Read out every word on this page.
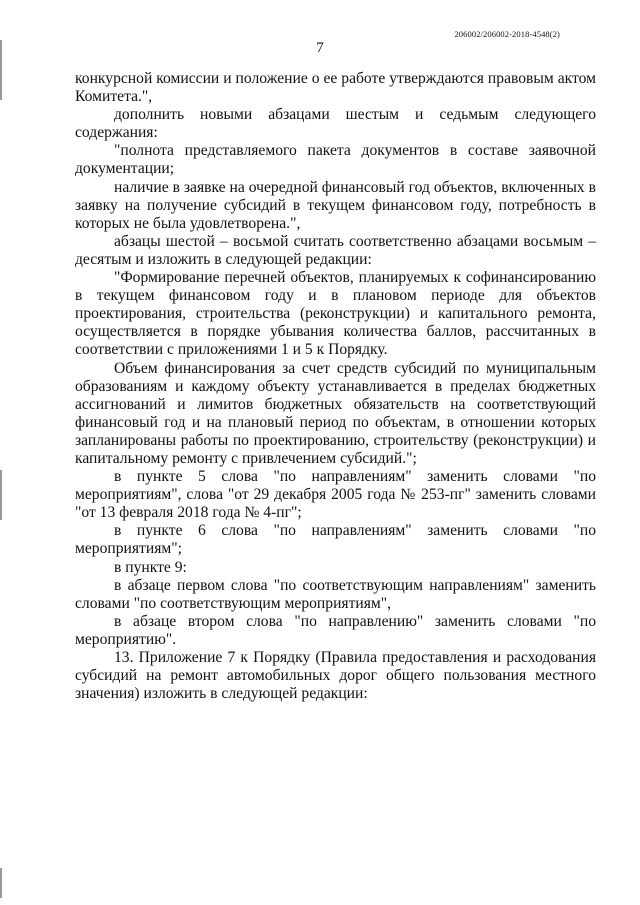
206002/206002-2018-4548(2)
7

конкурсной комиссии и положение о ее работе утверждаются правовым актом Комитета.",

дополнить новыми абзацами шестым и седьмым следующего содержания:

"полнота представляемого пакета документов в составе заявочной документации;

наличие в заявке на очередной финансовый год объектов, включенных в заявку на получение субсидий в текущем финансовом году, потребность в которых не была удовлетворена.",

абзацы шестой – восьмой считать соответственно абзацами восьмым – десятым и изложить в следующей редакции:

"Формирование перечней объектов, планируемых к софинансированию в текущем финансовом году и в плановом периоде для объектов проектирования, строительства (реконструкции) и капитального ремонта, осуществляется в порядке убывания количества баллов, рассчитанных в соответствии с приложениями 1 и 5 к Порядку.

Объем финансирования за счет средств субсидий по муниципальным образованиям и каждому объекту устанавливается в пределах бюджетных ассигнований и лимитов бюджетных обязательств на соответствующий финансовый год и на плановый период по объектам, в отношении которых запланированы работы по проектированию, строительству (реконструкции) и капитальному ремонту с привлечением субсидий.";

в пункте 5 слова "по направлениям" заменить словами "по мероприятиям", слова "от 29 декабря 2005 года № 253-пг" заменить словами "от 13 февраля 2018 года № 4-пг";

в пункте 6 слова "по направлениям" заменить словами "по мероприятиям";

в пункте 9:

в абзаце первом слова "по соответствующим направлениям" заменить словами "по соответствующим мероприятиям",

в абзаце втором слова "по направлению" заменить словами "по мероприятию".

13. Приложение 7 к Порядку (Правила предоставления и расходования субсидий на ремонт автомобильных дорог общего пользования местного значения) изложить в следующей редакции:
